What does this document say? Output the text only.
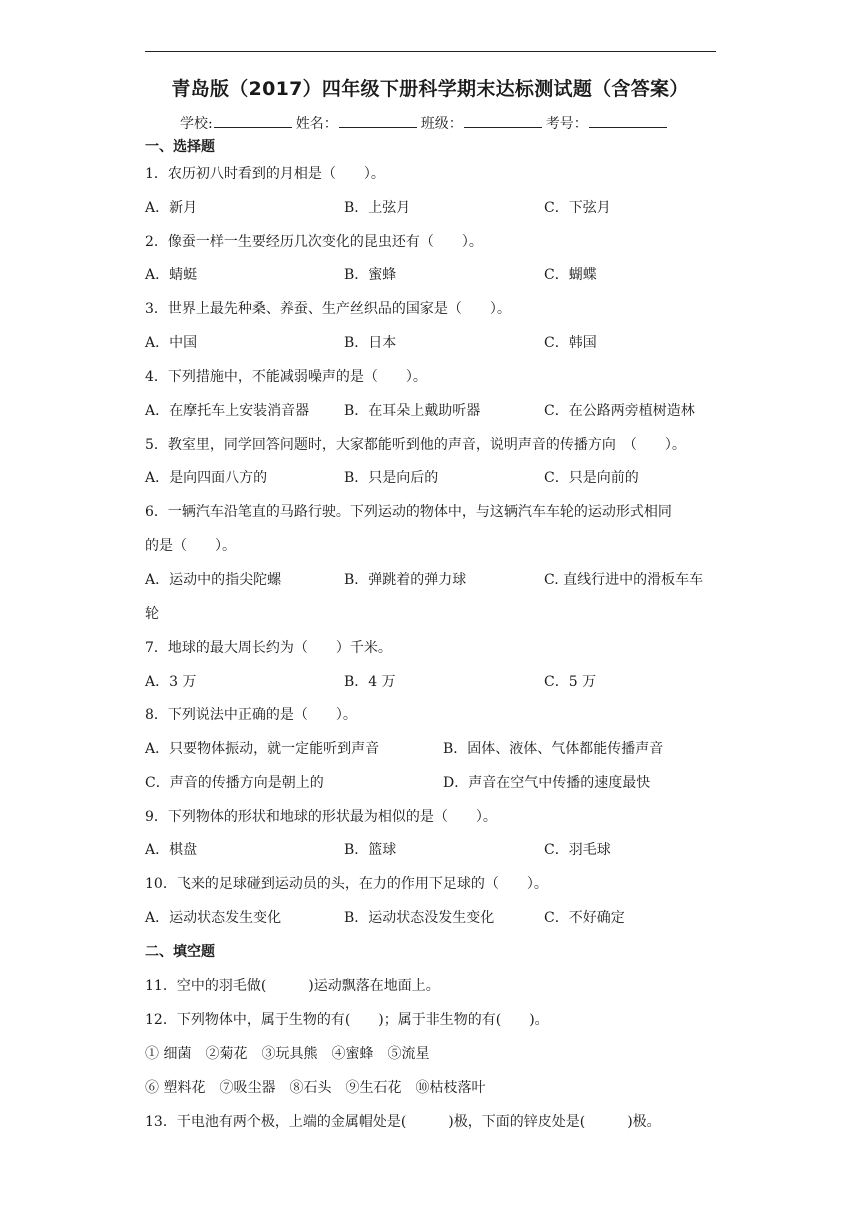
青岛版（2017）四年级下册科学期末达标测试题（含答案）
学校:	姓名：	班级：	考号：
一、选择题
1．农历初八时看到的月相是（　　）。
A．新月	B．上弦月	C．下弦月
2．像蚕一样一生要经历几次变化的昆虫还有（　　）。
A．蜻蜓	B．蜜蜂	C．蝴蝶
3．世界上最先种桑、养蚕、生产丝织品的国家是（　　）。
A．中国	B．日本	C．韩国
4．下列措施中，不能减弱噪声的是（　　）。
A．在摩托车上安装消音器 B．在耳朵上戴助听器	C．在公路两旁植树造林
5．教室里，同学回答问题时，大家都能听到他的声音，说明声音的传播方向　（　　）。
A．是向四面八方的	B．只是向后的	C．只是向前的
6．一辆汽车沿笔直的马路行驶。下列运动的物体中，与这辆汽车车轮的运动形式相同
的是（　　）。
A．运动中的指尖陀螺	B．弹跳着的弹力球	C. 直线行进中的滑板车车
轮
7．地球的最大周长约为（　　）千米。
A．3 万	B．4 万	C．5 万
8．下列说法中正确的是（　　）。
A．只要物体振动，就一定能听到声音	B．固体、液体、气体都能传播声音
C．声音的传播方向是朝上的	D．声音在空气中传播的速度最快
9．下列物体的形状和地球的形状最为相似的是（　　）。
A．棋盘	B．篮球	C．羽毛球
10．飞来的足球碰到运动员的头，在力的作用下足球的（　　）。
A．运动状态发生变化	B．运动状态没发生变化	C．不好确定
二、填空题
11．空中的羽毛做(　　　)运动飘落在地面上。
12．下列物体中，属于生物的有(　　)；属于非生物的有(　　)。
① 细菌　②菊花　③玩具熊　④蜜蜂　⑤流星
⑥ 塑料花　⑦吸尘器　⑧石头　⑨生石花　⑩枯枝落叶
13．干电池有两个极，上端的金属帽处是(　　　)极，下面的锌皮处是(　　　)极。
